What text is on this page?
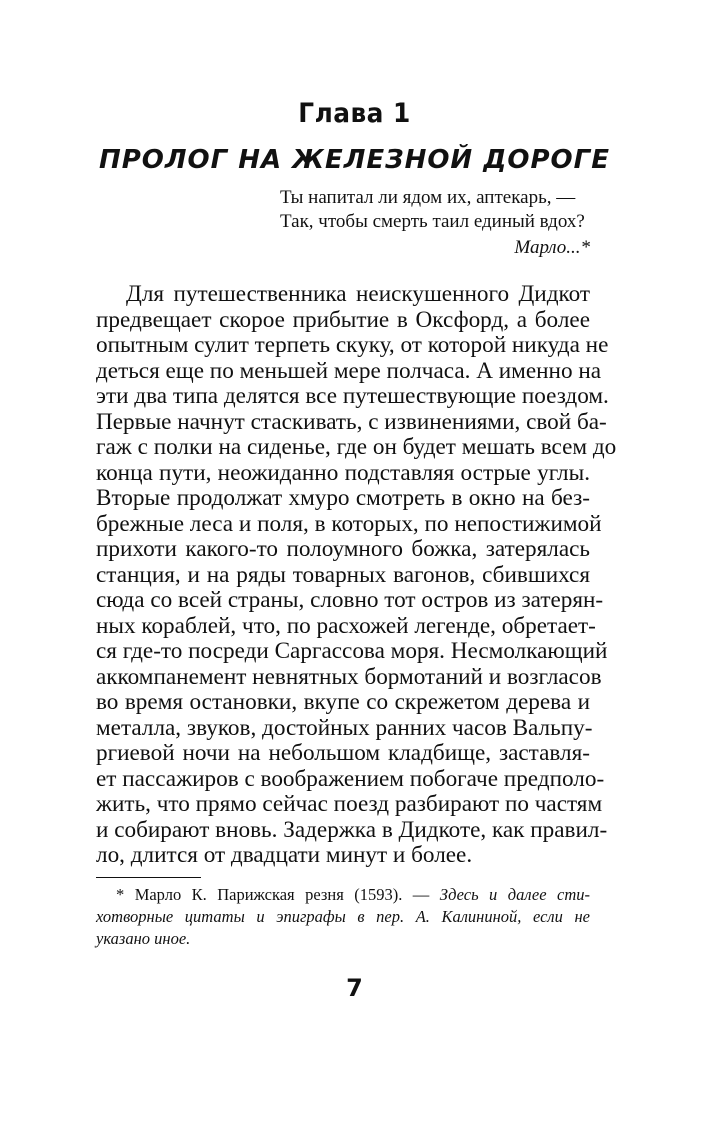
Глава 1
ПРОЛОГ НА ЖЕЛЕЗНОЙ ДОРОГЕ
Ты напитал ли ядом их, аптекарь, —
Так, чтобы смерть таил единый вдох?
Марло...*
Для путешественника неискушенного Дидкот
предвещает скорое прибытие в Оксфорд, а более
опытным сулит терпеть скуку, от которой никуда не
деться еще по меньшей мере полчаса. А именно на
эти два типа делятся все путешествующие поездом.
Первые начнут стаскивать, с извинениями, свой ба-
гаж с полки на сиденье, где он будет мешать всем до
конца пути, неожиданно подставляя острые углы.
Вторые продолжат хмуро смотреть в окно на без-
брежные леса и поля, в которых, по непостижимой
прихоти какого-то полоумного божка, затерялась
станция, и на ряды товарных вагонов, сбившихся
сюда со всей страны, словно тот остров из затерян-
ных кораблей, что, по расхожей легенде, обретает-
ся где-то посреди Саргассова моря. Несмолкающий
аккомпанемент невнятных бормотаний и возгласов
во время остановки, вкупе со скрежетом дерева и
металла, звуков, достойных ранних часов Вальпу-
ргиевой ночи на небольшом кладбище, заставля-
ет пассажиров с воображением побогаче предполо-
жить, что прямо сейчас поезд разбирают по частям
и собирают вновь. Задержка в Дидкоте, как правил-
ло, длится от двадцати минут и более.
* Марло К. Парижская резня (1593). — Здесь и далее сти-
хотворные цитаты и эпиграфы в пер. А. Калининой, если не
указано иное.
7
